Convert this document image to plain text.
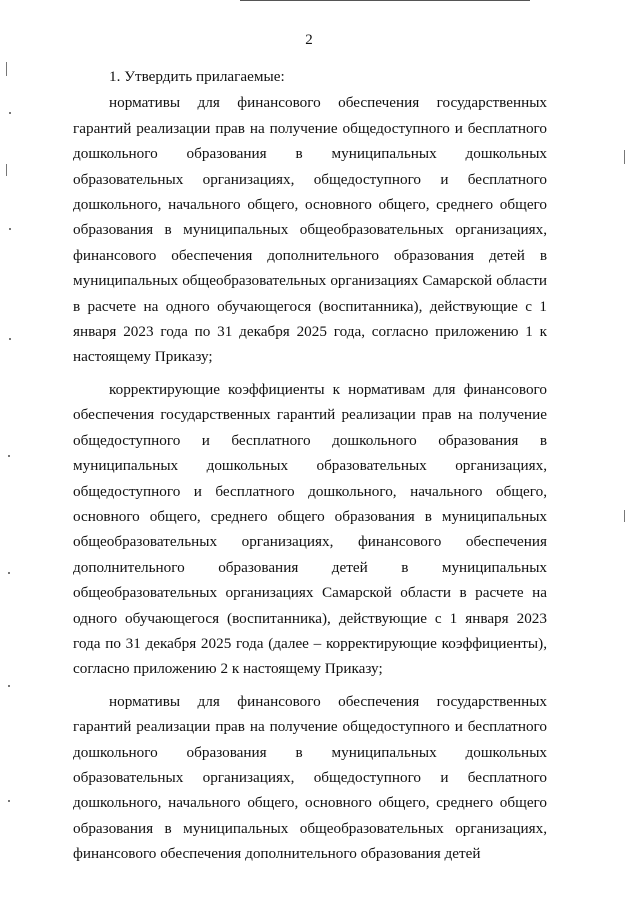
2

1. Утвердить прилагаемые:

нормативы для финансового обеспечения государственных гарантий реализации прав на получение общедоступного и бесплатного дошкольного образования в муниципальных дошкольных образовательных организациях, общедоступного и бесплатного дошкольного, начального общего, основного общего, среднего общего образования в муниципальных общеобразовательных организациях, финансового обеспечения дополнительного образования детей в муниципальных общеобразовательных организациях Самарской области в расчете на одного обучающегося (воспитанника), действующие с 1 января 2023 года по 31 декабря 2025 года, согласно приложению 1 к настоящему Приказу;

корректирующие коэффициенты к нормативам для финансового обеспечения государственных гарантий реализации прав на получение общедоступного и бесплатного дошкольного образования в муниципальных дошкольных образовательных организациях, общедоступного и бесплатного дошкольного, начального общего, основного общего, среднего общего образования в муниципальных общеобразовательных организациях, финансового обеспечения дополнительного образования детей в муниципальных общеобразовательных организациях Самарской области в расчете на одного обучающегося (воспитанника), действующие с 1 января 2023 года по 31 декабря 2025 года (далее – корректирующие коэффициенты), согласно приложению 2 к настоящему Приказу;

нормативы для финансового обеспечения государственных гарантий реализации прав на получение общедоступного и бесплатного дошкольного образования в муниципальных дошкольных образовательных организациях, общедоступного и бесплатного дошкольного, начального общего, основного общего, среднего общего образования в муниципальных общеобразовательных организациях, финансового обеспечения дополнительного образования детей
